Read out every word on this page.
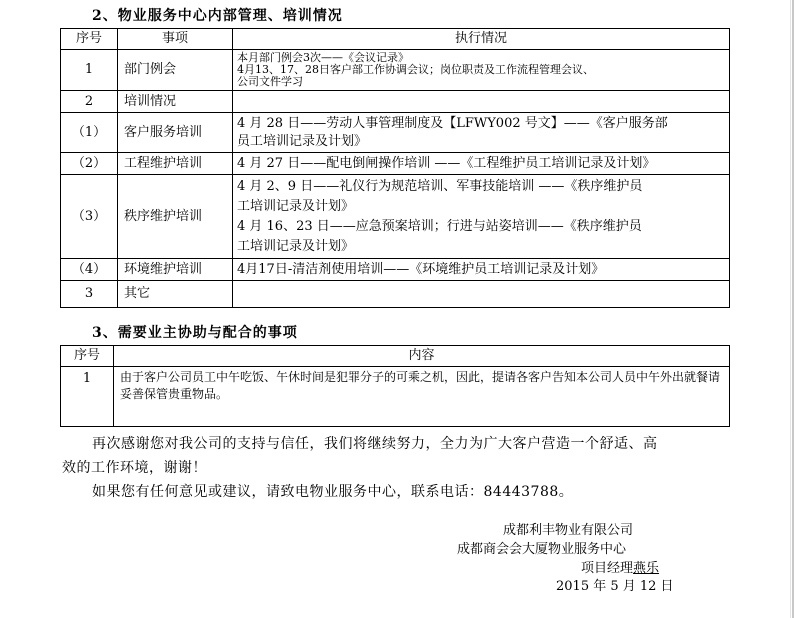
2、物业服务中心内部管理、培训情况
序号	事项	执行情况
1	部门例会	本月部门例会3次——《会议记录》
4月13、17、28日客户部工作协调会议；岗位职责及工作流程管理会议、
公司文件学习

2	培训情况	
（1）	客户服务培训	4 月 28 日——劳动人事管理制度及【LFWY002 号文】——《客户服务部
员工培训记录及计划》

（2）	工程维护培训	4 月 27 日——配电倒闸操作培训 ——《工程维护员工培训记录及计划》
（3）	秩序维护培训	4 月 2、9 日——礼仪行为规范培训、军事技能培训 ——《秩序维护员
工培训记录及计划》
4 月 16、23 日——应急预案培训；行进与站姿培训——《秩序维护员
工培训记录及计划》

（4）	环境维护培训	4月17日-清洁剂使用培训——《环境维护员工培训记录及计划》
3	其它	
3、需要业主协助与配合的事项
序号	内容
1	由于客户公司员工中午吃饭、午休时间是犯罪分子的可乘之机，因此，提请各客户告知本公司人员中午外出就餐请妥善保管贵重物品。
再次感谢您对我公司的支持与信任，我们将继续努力，全力为广大客户营造一个舒适、高
效的工作环境，谢谢！
如果您有任何意见或建议，请致电物业服务中心，联系电话：84443788。
成都利丰物业有限公司
成都商会会大厦物业服务中心
项目经理燕乐
2015 年 5 月 12 日
